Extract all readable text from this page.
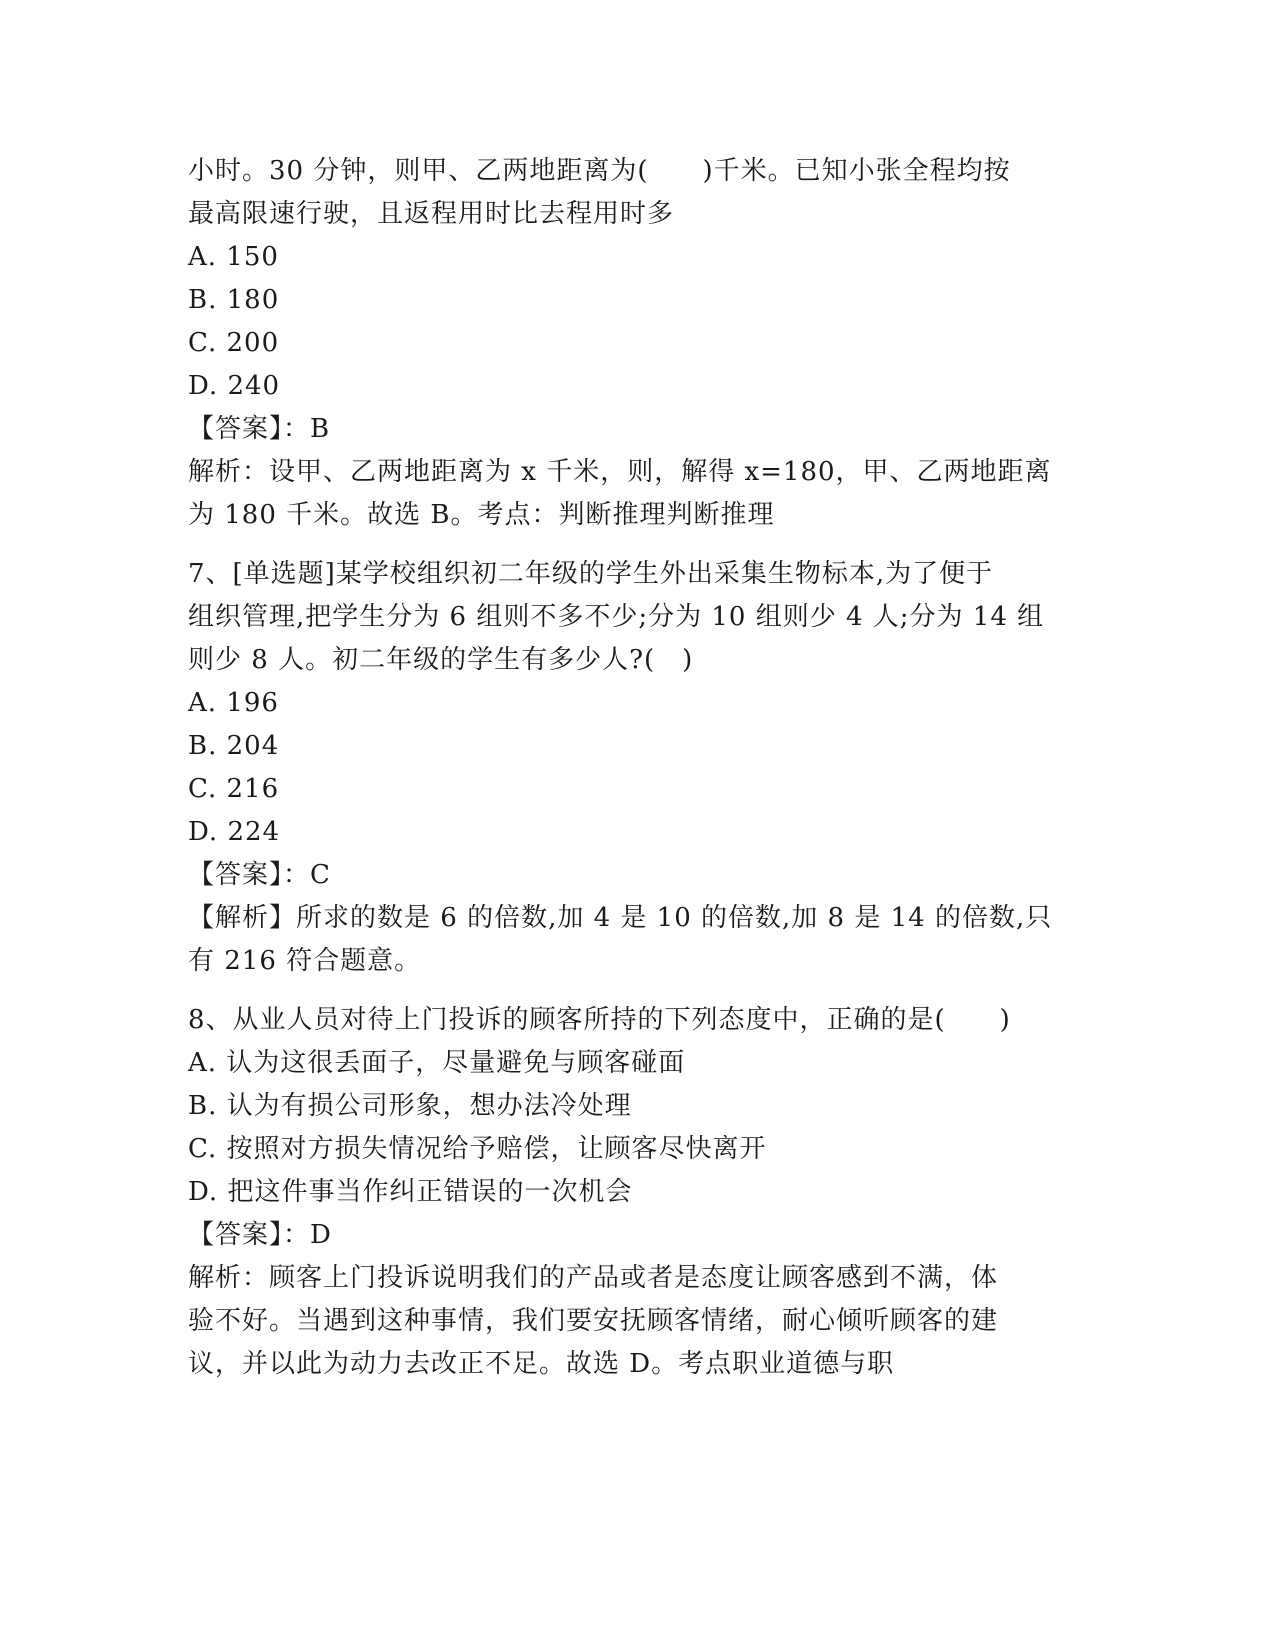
小时。30 分钟，则甲、乙两地距离为(　　)千米。已知小张全程均按
最高限速行驶，且返程用时比去程用时多
A. 150
B. 180
C. 200
D. 240
【答案】：B
解析：设甲、乙两地距离为 x 千米，则，解得 x=180，甲、乙两地距离
为 180 千米。故选 B。考点：判断推理判断推理
7、[单选题]某学校组织初二年级的学生外出采集生物标本,为了便于
组织管理,把学生分为 6 组则不多不少;分为 10 组则少 4 人;分为 14 组
则少 8 人。初二年级的学生有多少人?(　)
A. 196
B. 204
C. 216
D. 224
【答案】：C
【解析】所求的数是 6 的倍数,加 4 是 10 的倍数,加 8 是 14 的倍数,只
有 216 符合题意。
8、从业人员对待上门投诉的顾客所持的下列态度中，正确的是(　　)
A. 认为这很丢面子，尽量避免与顾客碰面
B. 认为有损公司形象，想办法冷处理
C. 按照对方损失情况给予赔偿，让顾客尽快离开
D. 把这件事当作纠正错误的一次机会
【答案】：D
解析：顾客上门投诉说明我们的产品或者是态度让顾客感到不满，体
验不好。当遇到这种事情，我们要安抚顾客情绪，耐心倾听顾客的建
议，并以此为动力去改正不足。故选 D。考点职业道德与职
